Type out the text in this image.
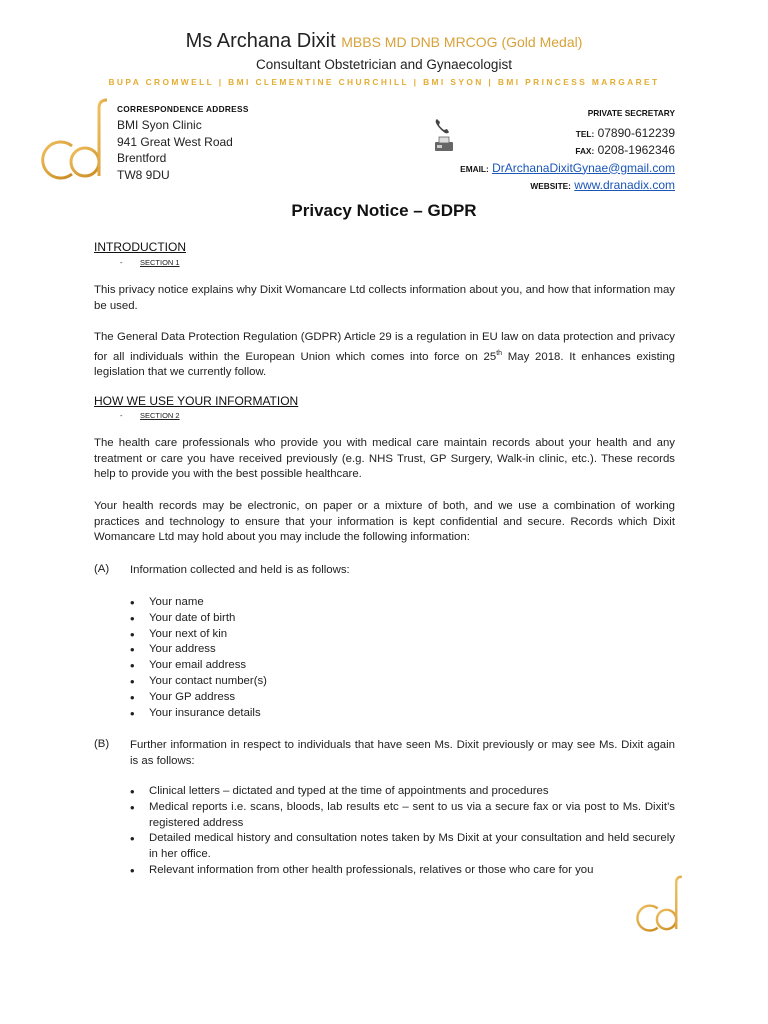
Ms Archana Dixit MBBS MD DNB MRCOG (Gold Medal)
Consultant Obstetrician and Gynaecologist
BUPA CROMWELL | BMI CLEMENTINE CHURCHILL | BMI SYON | BMI PRINCESS MARGARET
CORRESPONDENCE ADDRESS
BMI Syon Clinic
941 Great West Road
Brentford
TW8 9DU
PRIVATE SECRETARY
TEL: 07890-612239
FAX: 0208-1962346
EMAIL: DrArchanaDixitGynae@gmail.com
WEBSITE: www.dranadix.com
Privacy Notice – GDPR
INTRODUCTION
- SECTION 1

This privacy notice explains why Dixit Womancare Ltd collects information about you, and how that information may be used.

The General Data Protection Regulation (GDPR) Article 29 is a regulation in EU law on data protection and privacy for all individuals within the European Union which comes into force on 25th May 2018. It enhances existing legislation that we currently follow.

HOW WE USE YOUR INFORMATION
- SECTION 2

The health care professionals who provide you with medical care maintain records about your health and any treatment or care you have received previously (e.g. NHS Trust, GP Surgery, Walk-in clinic, etc.). These records help to provide you with the best possible healthcare.

Your health records may be electronic, on paper or a mixture of both, and we use a combination of working practices and technology to ensure that your information is kept confidential and secure. Records which Dixit Womancare Ltd may hold about you may include the following information:

(A) Information collected and held is as follows:
• Your name
• Your date of birth
• Your next of kin
• Your address
• Your email address
• Your contact number(s)
• Your GP address
• Your insurance details
(B) Further information in respect to individuals that have seen Ms. Dixit previously or may see Ms. Dixit again is as follows:
• Clinical letters – dictated and typed at the time of appointments and procedures
• Medical reports i.e. scans, bloods, lab results etc – sent to us via a secure fax or via post to Ms. Dixit’s registered address
• Detailed medical history and consultation notes taken by Ms Dixit at your consultation and held securely in her office.
• Relevant information from other health professionals, relatives or those who care for you
